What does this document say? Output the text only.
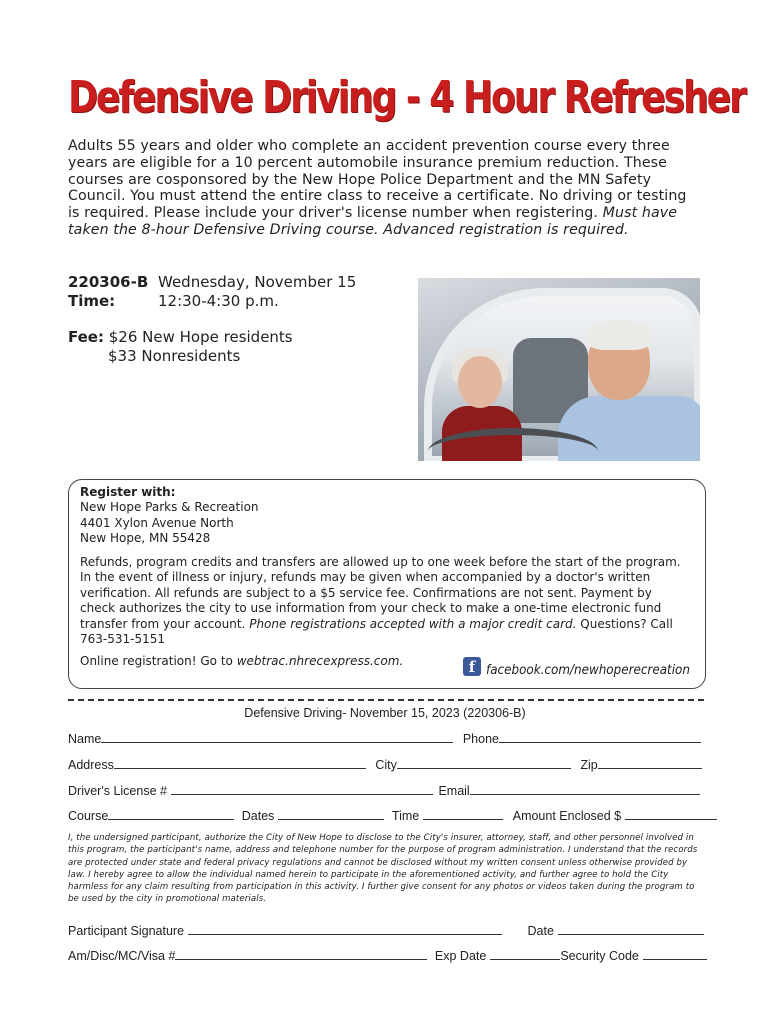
Defensive Driving - 4 Hour Refresher
Adults 55 years and older who complete an accident prevention course every three years are eligible for a 10 percent automobile insurance premium reduction. These courses are cosponsored by the New Hope Police Department and the MN Safety Council. You must attend the entire class to receive a certificate. No driving or testing is required. Please include your driver's license number when registering. Must have taken the 8-hour Defensive Driving course. Advanced registration is required.
220306-B Wednesday, November 15
Time:	12:30-4:30 p.m.
Fee: $26 New Hope residents
$33 Nonresidents
Register with:
New Hope Parks & Recreation
4401 Xylon Avenue North
New Hope, MN 55428
Refunds, program credits and transfers are allowed up to one week before the start of the program. In the event of illness or injury, refunds may be given when accompanied by a doctor's written verification. All refunds are subject to a $5 service fee. Confirmations are not sent. Payment by check authorizes the city to use information from your check to make a one-time electronic fund transfer from your account. Phone registrations accepted with a major credit card. Questions? Call 763-531-5151
Online registration! Go to webtrac.nhrecexpress.com.	f facebook.com/newhoperecreation
Defensive Driving- November 15, 2023 (220306-B)
Name	Phone
Address	City	Zip
Driver's License #	Email
Course	Dates	Time	Amount Enclosed $
I, the undersigned participant, authorize the City of New Hope to disclose to the City's insurer, attorney, staff, and other personnel involved in this program, the participant's name, address and telephone number for the purpose of program administration. I understand that the records are protected under state and federal privacy regulations and cannot be disclosed without my written consent unless otherwise provided by law. I hereby agree to allow the individual named herein to participate in the aforementioned activity, and further agree to hold the City harmless for any claim resulting from participation in this activity. I further give consent for any photos or videos taken during the program to be used by the city in promotional materials.
Participant Signature	Date
Am/Disc/MC/Visa #	Exp Date	Security Code
